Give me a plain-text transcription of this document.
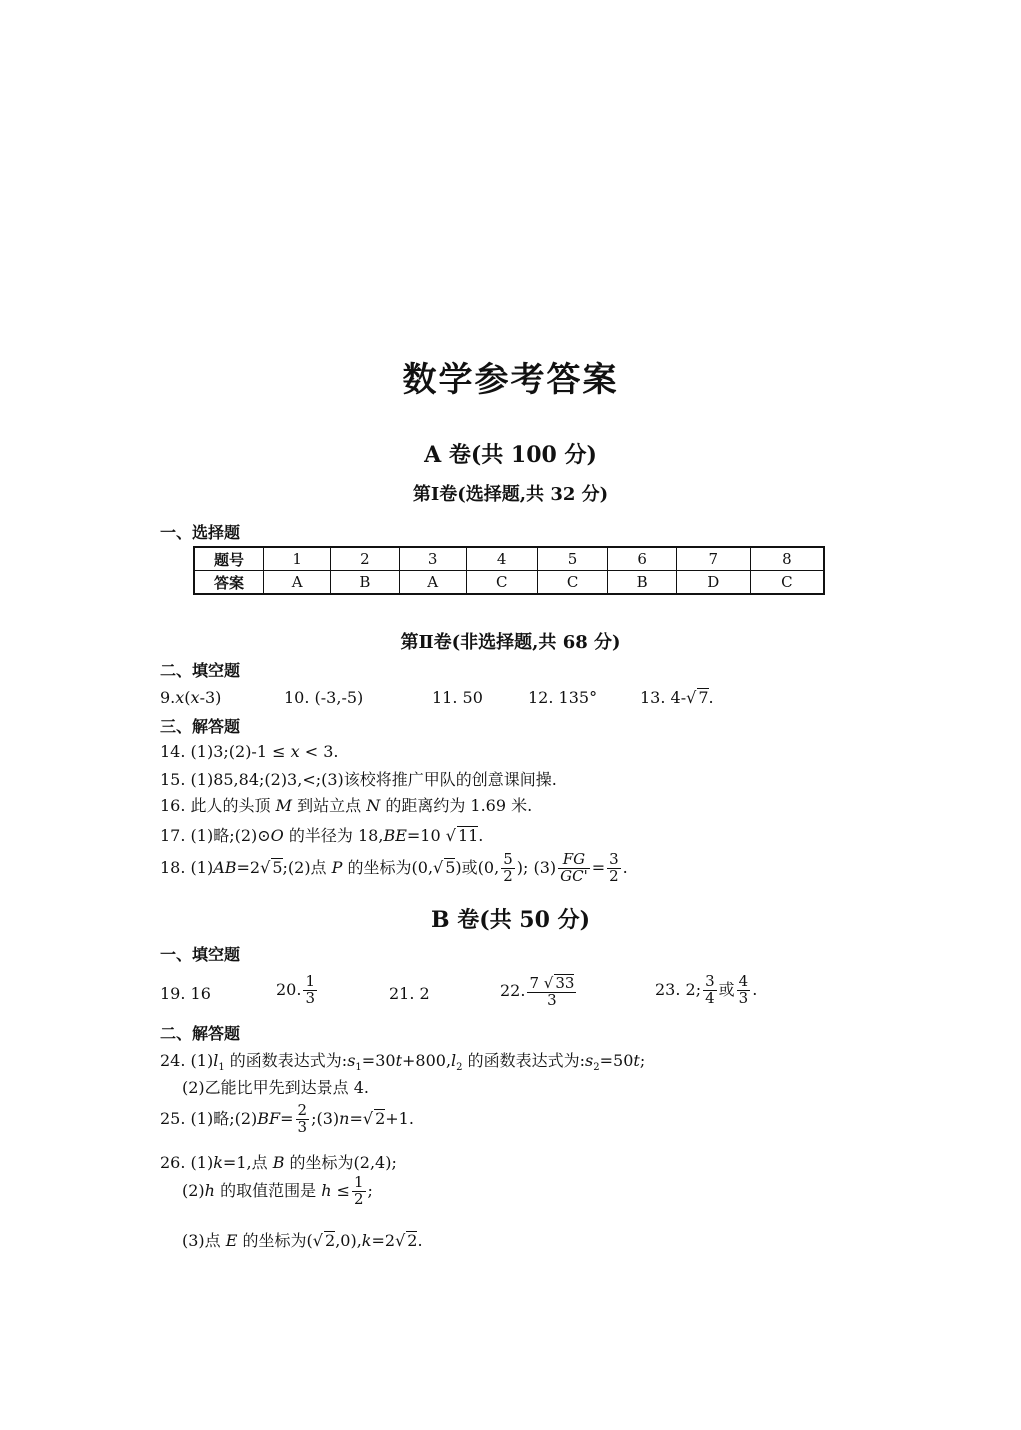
数学参考答案
A 卷(共 100 分)
第Ⅰ卷(选择题,共 32 分)
一、选择题
题号	1	2	3	4	5	6	7	8
答案	A	B	A	C	C	B	D	C
第Ⅱ卷(非选择题,共 68 分)
二、填空题
9.x(x-3)	10. (-3,-5)	11. 50	12. 135°	13. 4-√ 7.
三、解答题
14. (1)3;(2)-1 ≤ x < 3.
15. (1)85,84;(2)3,<;(3)该校将推广甲队的创意课间操.
16. 此人的头顶 M 到站立点 N 的距离约为 1.69 米.
17. (1)略;(2)⊙O 的半径为 18,BE=10 √ 11.
18. (1)AB=2√ 5;(2)点 P 的坐标为(0,√ 5)或(0, $\frac{5}{2}$ ); $(3) \frac{FG}{GC'} = \frac{3}{2}$ .
B 卷(共 50 分)
一、填空题
19. 16	20. $\frac{1}{3}$	21. 2	22. $\frac{7 √ 33}{3}$	23. 2; $\frac{3}{4}$ 或 $\frac{4}{3}$ .
二、解答题
24. $(1)l_1$ 的函数表达式为$:s_1=30t+800,l_2$ 的函数表达式为$:s_2=50t$;
(2)乙能比甲先到达景点 4.
25. (1)略;(2)BF= $\frac{2}{3}$ ;(3)n=√ 2+1.
26. (1)k=1,点 B 的坐标为(2,4);
(2)h 的取值范围是 $h \le \frac{1}{2}$ ;
(3)点 E 的坐标为(√ 2,0),k=2√ 2.
